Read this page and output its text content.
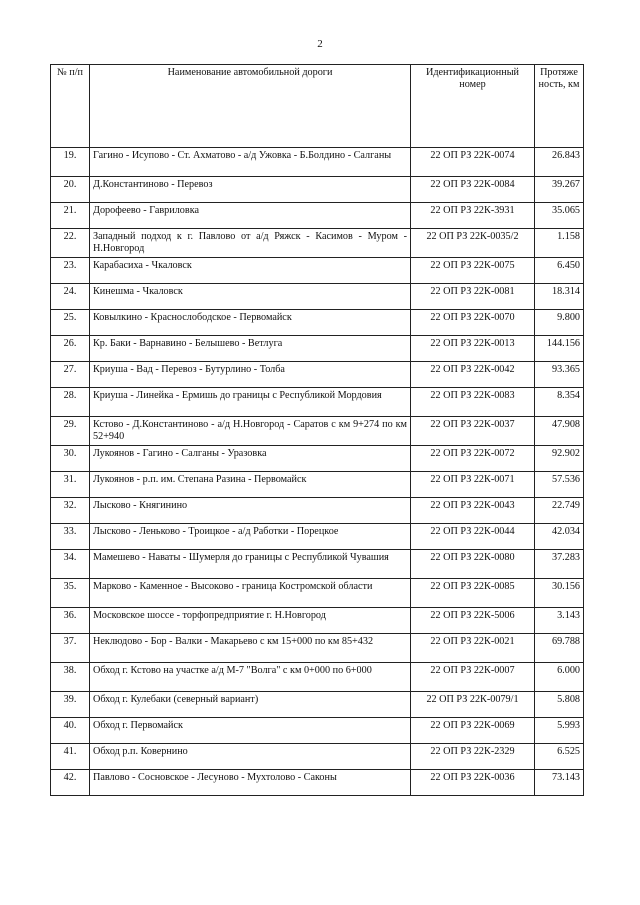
2
№ п/п	Наименование автомобильной дороги	Идентификационный номер	Протяже ность, км
19.	Гагино - Исупово - Ст. Ахматово - а/д Ужовка - Б.Болдино - Салганы	22 ОП РЗ 22К-0074	26.843
20.	Д.Константиново - Перевоз	22 ОП РЗ 22К-0084	39.267
21.	Дорофеево - Гавриловка	22 ОП РЗ 22К-3931	35.065
22.	Западный подход к г. Павлово от а/д Ряжск - Касимов - Муром - Н.Новгород	22 ОП РЗ 22К-0035/2	1.158
23.	Карабасиха - Чкаловск	22 ОП РЗ 22К-0075	6.450
24.	Кинешма - Чкаловск	22 ОП РЗ 22К-0081	18.314
25.	Ковылкино - Краснослободское - Первомайск	22 ОП РЗ 22К-0070	9.800
26.	Кр. Баки - Варнавино - Белышево - Ветлуга	22 ОП РЗ 22К-0013	144.156
27.	Криуша - Вад - Перевоз - Бутурлино - Толба	22 ОП РЗ 22К-0042	93.365
28.	Криуша - Линейка - Ермишь до границы с Республикой Мордовия	22 ОП РЗ 22К-0083	8.354
29.	Кстово - Д.Константиново - а/д Н.Новгород - Саратов с км 9+274 по км 52+940	22 ОП РЗ 22К-0037	47.908
30.	Лукоянов - Гагино - Салганы - Уразовка	22 ОП РЗ 22К-0072	92.902
31.	Лукоянов - р.п. им. Степана Разина - Первомайск	22 ОП РЗ 22К-0071	57.536
32.	Лысково - Княгинино	22 ОП РЗ 22К-0043	22.749
33.	Лысково - Леньково - Троицкое - а/д Работки - Порецкое	22 ОП РЗ 22К-0044	42.034
34.	Мамешево - Наваты - Шумерля до границы с Республикой Чувашия	22 ОП РЗ 22К-0080	37.283
35.	Марково - Каменное - Высоково - граница Костромской области	22 ОП РЗ 22К-0085	30.156
36.	Московское шоссе - торфопредприятие г. Н.Новгород	22 ОП РЗ 22К-5006	3.143
37.	Неклюдово - Бор - Валки - Макарьево с км 15+000 по км 85+432	22 ОП РЗ 22К-0021	69.788
38.	Обход г. Кстово на участке а/д М-7 "Волга" с км 0+000 по 6+000	22 ОП РЗ 22К-0007	6.000
39.	Обход г. Кулебаки (северный вариант)	22 ОП РЗ 22К-0079/1	5.808
40.	Обход г. Первомайск	22 ОП РЗ 22К-0069	5.993
41.	Обход р.п. Ковернино	22 ОП РЗ 22К-2329	6.525
42.	Павлово - Сосновское - Лесуново - Мухтолово - Саконы	22 ОП РЗ 22К-0036	73.143
